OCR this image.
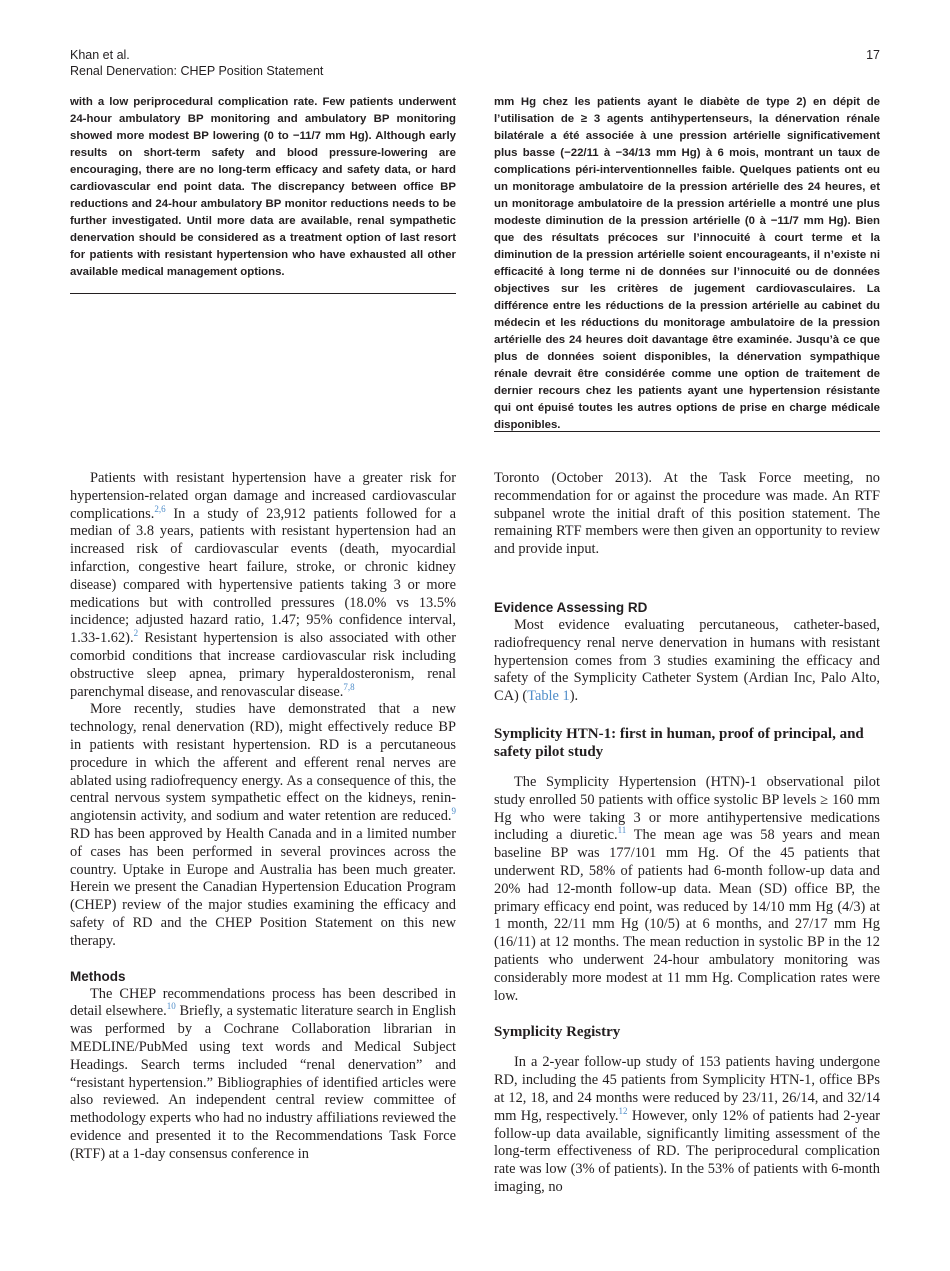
Khan et al.
Renal Denervation: CHEP Position Statement
17
with a low periprocedural complication rate. Few patients underwent 24-hour ambulatory BP monitoring and ambulatory BP monitoring showed more modest BP lowering (0 to −11/7 mm Hg). Although early results on short-term safety and blood pressure-lowering are encouraging, there are no long-term efficacy and safety data, or hard cardiovascular end point data. The discrepancy between office BP reductions and 24-hour ambulatory BP monitor reductions needs to be further investigated. Until more data are available, renal sympathetic denervation should be considered as a treatment option of last resort for patients with resistant hypertension who have exhausted all other available medical management options.
mm Hg chez les patients ayant le diabète de type 2) en dépit de l’utilisation de ≥ 3 agents antihypertenseurs, la dénervation rénale bilatérale a été associée à une pression artérielle significativement plus basse (−22/11 à −34/13 mm Hg) à 6 mois, montrant un taux de complications péri-interventionnelles faible. Quelques patients ont eu un monitorage ambulatoire de la pression artérielle des 24 heures, et un monitorage ambulatoire de la pression artérielle a montré une plus modeste diminution de la pression artérielle (0 à −11/7 mm Hg). Bien que des résultats précoces sur l’innocuité à court terme et la diminution de la pression artérielle soient encourageants, il n’existe ni efficacité à long terme ni de données sur l’innocuité ou de données objectives sur les critères de jugement cardiovasculaires. La différence entre les réductions de la pression artérielle au cabinet du médecin et les réductions du monitorage ambulatoire de la pression artérielle des 24 heures doit davantage être examinée. Jusqu’à ce que plus de données soient disponibles, la dénervation sympathique rénale devrait être considérée comme une option de traitement de dernier recours chez les patients ayant une hypertension résistante qui ont épuisé toutes les autres options de prise en charge médicale disponibles.

Patients with resistant hypertension have a greater risk for hypertension-related organ damage and increased cardiovascular complications.$^{2,6}$ In a study of 23,912 patients followed for a median of 3.8 years, patients with resistant hypertension had an increased risk of cardiovascular events (death, myocardial infarction, congestive heart failure, stroke, or chronic kidney disease) compared with hypertensive patients taking 3 or more medications but with controlled pressures (18.0% vs 13.5% incidence; adjusted hazard ratio, 1.47; 95% confidence interval, 1.33-1.62).$^2$ Resistant hypertension is also associated with other comorbid conditions that increase cardiovascular risk including obstructive sleep apnea, primary hyperaldosteronism, renal parenchymal disease, and renovascular disease.$^{7,8}$

More recently, studies have demonstrated that a new technology, renal denervation (RD), might effectively reduce BP in patients with resistant hypertension. RD is a percutaneous procedure in which the afferent and efferent renal nerves are ablated using radiofrequency energy. As a consequence of this, the central nervous system sympathetic effect on the kidneys, renin-angiotensin activity, and sodium and water retention are reduced.$^9$ RD has been approved by Health Canada and in a limited number of cases has been performed in several provinces across the country. Uptake in Europe and Australia has been much greater. Herein we present the Canadian Hypertension Education Program (CHEP) review of the major studies examining the efficacy and safety of RD and the CHEP Position Statement on this new therapy.

Methods

The CHEP recommendations process has been described in detail elsewhere.$^{10}$ Briefly, a systematic literature search in English was performed by a Cochrane Collaboration librarian in MEDLINE/PubMed using text words and Medical Subject Headings. Search terms included “renal denervation” and “resistant hypertension.” Bibliographies of identified articles were also reviewed. An independent central review committee of methodology experts who had no industry affiliations reviewed the evidence and presented it to the Recommendations Task Force (RTF) at a 1-day consensus conference in

Toronto (October 2013). At the Task Force meeting, no recommendation for or against the procedure was made. An RTF subpanel wrote the initial draft of this position statement. The remaining RTF members were then given an opportunity to review and provide input.

Evidence Assessing RD

Most evidence evaluating percutaneous, catheter-based, radiofrequency renal nerve denervation in humans with resistant hypertension comes from 3 studies examining the efficacy and safety of the Symplicity Catheter System (Ardian Inc, Palo Alto, CA) (Table 1).

Symplicity HTN-1: first in human, proof of principal, and safety pilot study

The Symplicity Hypertension (HTN)-1 observational pilot study enrolled 50 patients with office systolic BP levels ≥ 160 mm Hg who were taking 3 or more antihypertensive medications including a diuretic.$^{11}$ The mean age was 58 years and mean baseline BP was 177/101 mm Hg. Of the 45 patients that underwent RD, 58% of patients had 6-month follow-up data and 20% had 12-month follow-up data. Mean (SD) office BP, the primary efficacy end point, was reduced by 14/10 mm Hg (4/3) at 1 month, 22/11 mm Hg (10/5) at 6 months, and 27/17 mm Hg (16/11) at 12 months. The mean reduction in systolic BP in the 12 patients who underwent 24-hour ambulatory monitoring was considerably more modest at 11 mm Hg. Complication rates were low.

Symplicity Registry

In a 2-year follow-up study of 153 patients having undergone RD, including the 45 patients from Symplicity HTN-1, office BPs at 12, 18, and 24 months were reduced by 23/11, 26/14, and 32/14 mm Hg, respectively.$^{12}$ However, only 12% of patients had 2-year follow-up data available, significantly limiting assessment of the long-term effectiveness of RD. The periprocedural complication rate was low (3% of patients). In the 53% of patients with 6-month imaging, no
